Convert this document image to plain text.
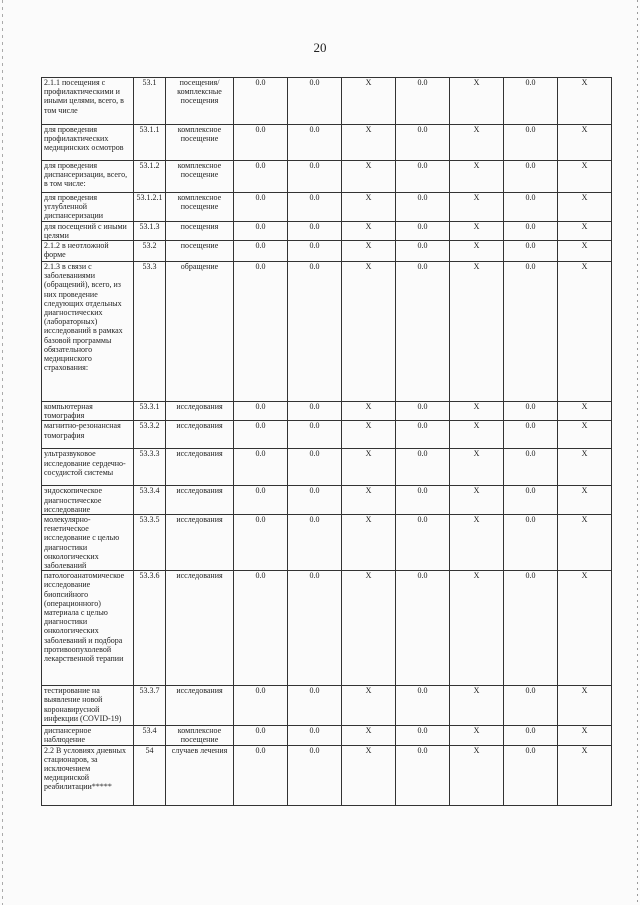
20
2.1.1 посещения с профилактическими и иными целями, всего, в том числе	53.1	посещения/комплексные посещения	0.0	0.0	X	0.0	X	0.0	X
для проведения профилактических медицинских осмотров	53.1.1	комплексное посещение	0.0	0.0	X	0.0	X	0.0	X
для проведения диспансеризации, всего, в том числе:	53.1.2	комплексное посещение	0.0	0.0	X	0.0	X	0.0	X
для проведения углубленной диспансеризации	53.1.2.1	комплексное посещение	0.0	0.0	X	0.0	X	0.0	X
для посещений с иными целями	53.1.3	посещения	0.0	0.0	X	0.0	X	0.0	X
2.1.2 в неотложной форме	53.2	посещение	0.0	0.0	X	0.0	X	0.0	X
2.1.3 в связи с заболеваниями (обращений), всего, из них проведение следующих отдельных диагностических (лабораторных) исследований в рамках базовой программы обязательного медицинского страхования:	53.3	обращение	0.0	0.0	X	0.0	X	0.0	X
компьютерная томография	53.3.1	исследования	0.0	0.0	X	0.0	X	0.0	X
магнитно-резонансная томография	53.3.2	исследования	0.0	0.0	X	0.0	X	0.0	X
ультразвуковое исследование сердечно-сосудистой системы	53.3.3	исследования	0.0	0.0	X	0.0	X	0.0	X
эндоскопическое диагностическое исследование	53.3.4	исследования	0.0	0.0	X	0.0	X	0.0	X
молекулярно-генетическое исследование с целью диагностики онкологических заболеваний	53.3.5	исследования	0.0	0.0	X	0.0	X	0.0	X
патологоанатомическое исследование биопсийного (операционного) материала с целью диагностики онкологических заболеваний и подбора противоопухолевой лекарственной терапии	53.3.6	исследования	0.0	0.0	X	0.0	X	0.0	X
тестирование на выявление новой коронавирусной инфекции (COVID-19)	53.3.7	исследования	0.0	0.0	X	0.0	X	0.0	X
диспансерное наблюдение	53.4	комплексное посещение	0.0	0.0	X	0.0	X	0.0	X
2.2 В условиях дневных стационаров, за исключением медицинской реабилитации*****	54	случаев лечения	0.0	0.0	X	0.0	X	0.0	X
